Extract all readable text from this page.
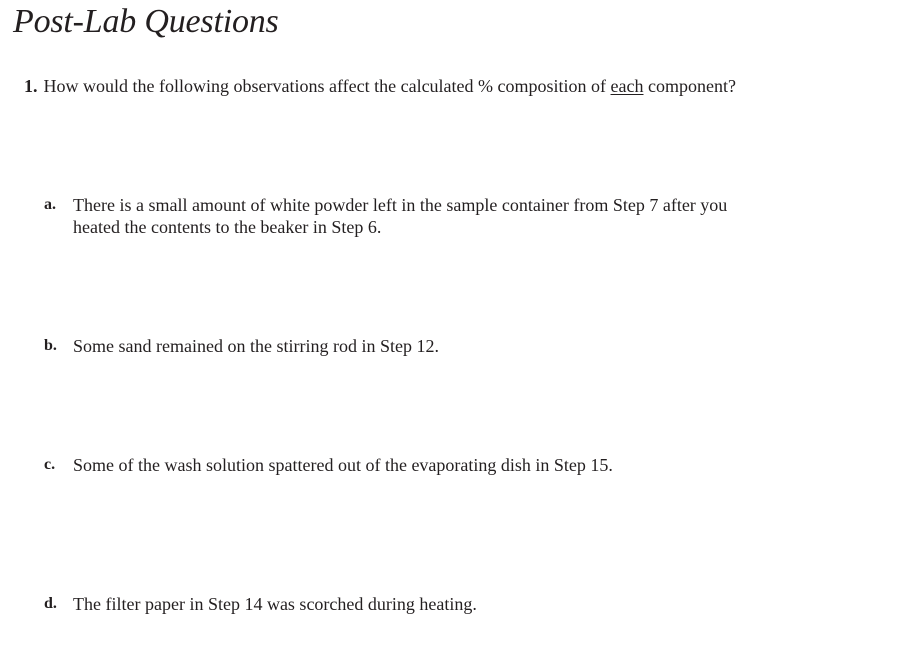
Post-Lab Questions
1. How would the following observations affect the calculated % composition of each component?
a. There is a small amount of white powder left in the sample container from Step 7 after you heated the contents to the beaker in Step 6.
b. Some sand remained on the stirring rod in Step 12.
c. Some of the wash solution spattered out of the evaporating dish in Step 15.
d. The filter paper in Step 14 was scorched during heating.
